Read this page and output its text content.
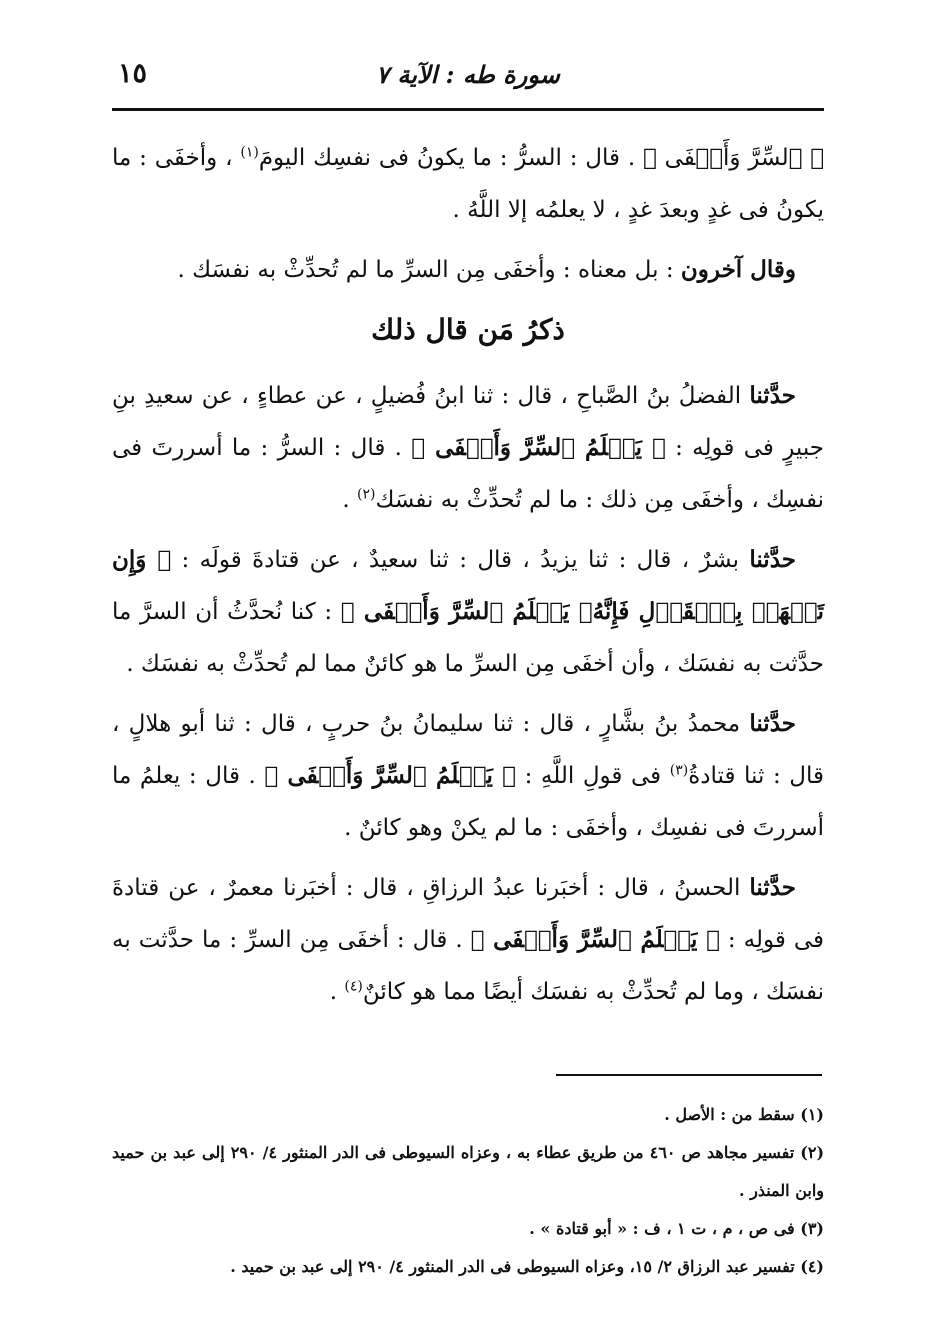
١٥	سورة طه : الآية ٧

﴿ ٱلسِّرَّ وَأَخۡفَى ﴾ . قال : السرُّ : ما يكونُ فى نفسِك اليومَ$^{(١)}$ ، وأخفَى : ما يكونُ فى غدٍ وبعدَ غدٍ ، لا يعلمُه إلا اللَّهُ .

وقال آخرون : بل معناه : وأخفَى مِن السرِّ ما لم تُحدِّثْ به نفسَك .

ذكرُ مَن قال ذلك

حدَّثنا الفضلُ بنُ الصَّباحِ ، قال : ثنا ابنُ فُضيلٍ ، عن عطاءٍ ، عن سعيدِ بنِ جبيرٍ فى قولِه : ﴿ يَعۡلَمُ ٱلسِّرَّ وَأَخۡفَى ﴾ . قال : السرُّ : ما أسررتَ فى نفسِك ، وأخفَى مِن ذلك : ما لم تُحدِّثْ به نفسَك$^{(٢)}$ .

حدَّثنا بشرٌ ، قال : ثنا يزيدُ ، قال : ثنا سعيدٌ ، عن قتادةَ قولَه : ﴿ وَإِن تَجۡهَرۡ بِٱلۡقَوۡلِ فَإِنَّهُۥ يَعۡلَمُ ٱلسِّرَّ وَأَخۡفَى ﴾ : كنا نُحدَّثُ أن السرَّ ما حدَّثت به نفسَك ، وأن أخفَى مِن السرِّ ما هو كائنٌ مما لم تُحدِّثْ به نفسَك .

حدَّثنا محمدُ بنُ بشَّارٍ ، قال : ثنا سليمانُ بنُ حربٍ ، قال : ثنا أبو هلالٍ ، قال : ثنا قتادةُ$^{(٣)}$ فى قولِ اللَّهِ : ﴿ يَعۡلَمُ ٱلسِّرَّ وَأَخۡفَى ﴾ . قال : يعلمُ ما أسررتَ فى نفسِك ، وأخفَى : ما لم يكنْ وهو كائنٌ .

حدَّثنا الحسنُ ، قال : أخبَرنا عبدُ الرزاقِ ، قال : أخبَرنا معمرٌ ، عن قتادةَ فى قولِه : ﴿ يَعۡلَمُ ٱلسِّرَّ وَأَخۡفَى ﴾ . قال : أخفَى مِن السرِّ : ما حدَّثت به نفسَك ، وما لم تُحدِّثْ به نفسَك أيضًا مما هو كائنٌ$^{(٤)}$ .

(١) سقط من : الأصل .

(٢) تفسير مجاهد ص ٤٦٠ من طريق عطاء به ، وعزاه السيوطى فى الدر المنثور ٤/ ٢٩٠ إلى عبد بن حميد وابن المنذر .

(٣) فى ص ، م ، ت ١ ، ف : « أبو قتادة » .

(٤) تفسير عبد الرزاق ٢/ ١٥، وعزاه السيوطى فى الدر المنثور ٤/ ٢٩٠ إلى عبد بن حميد .
